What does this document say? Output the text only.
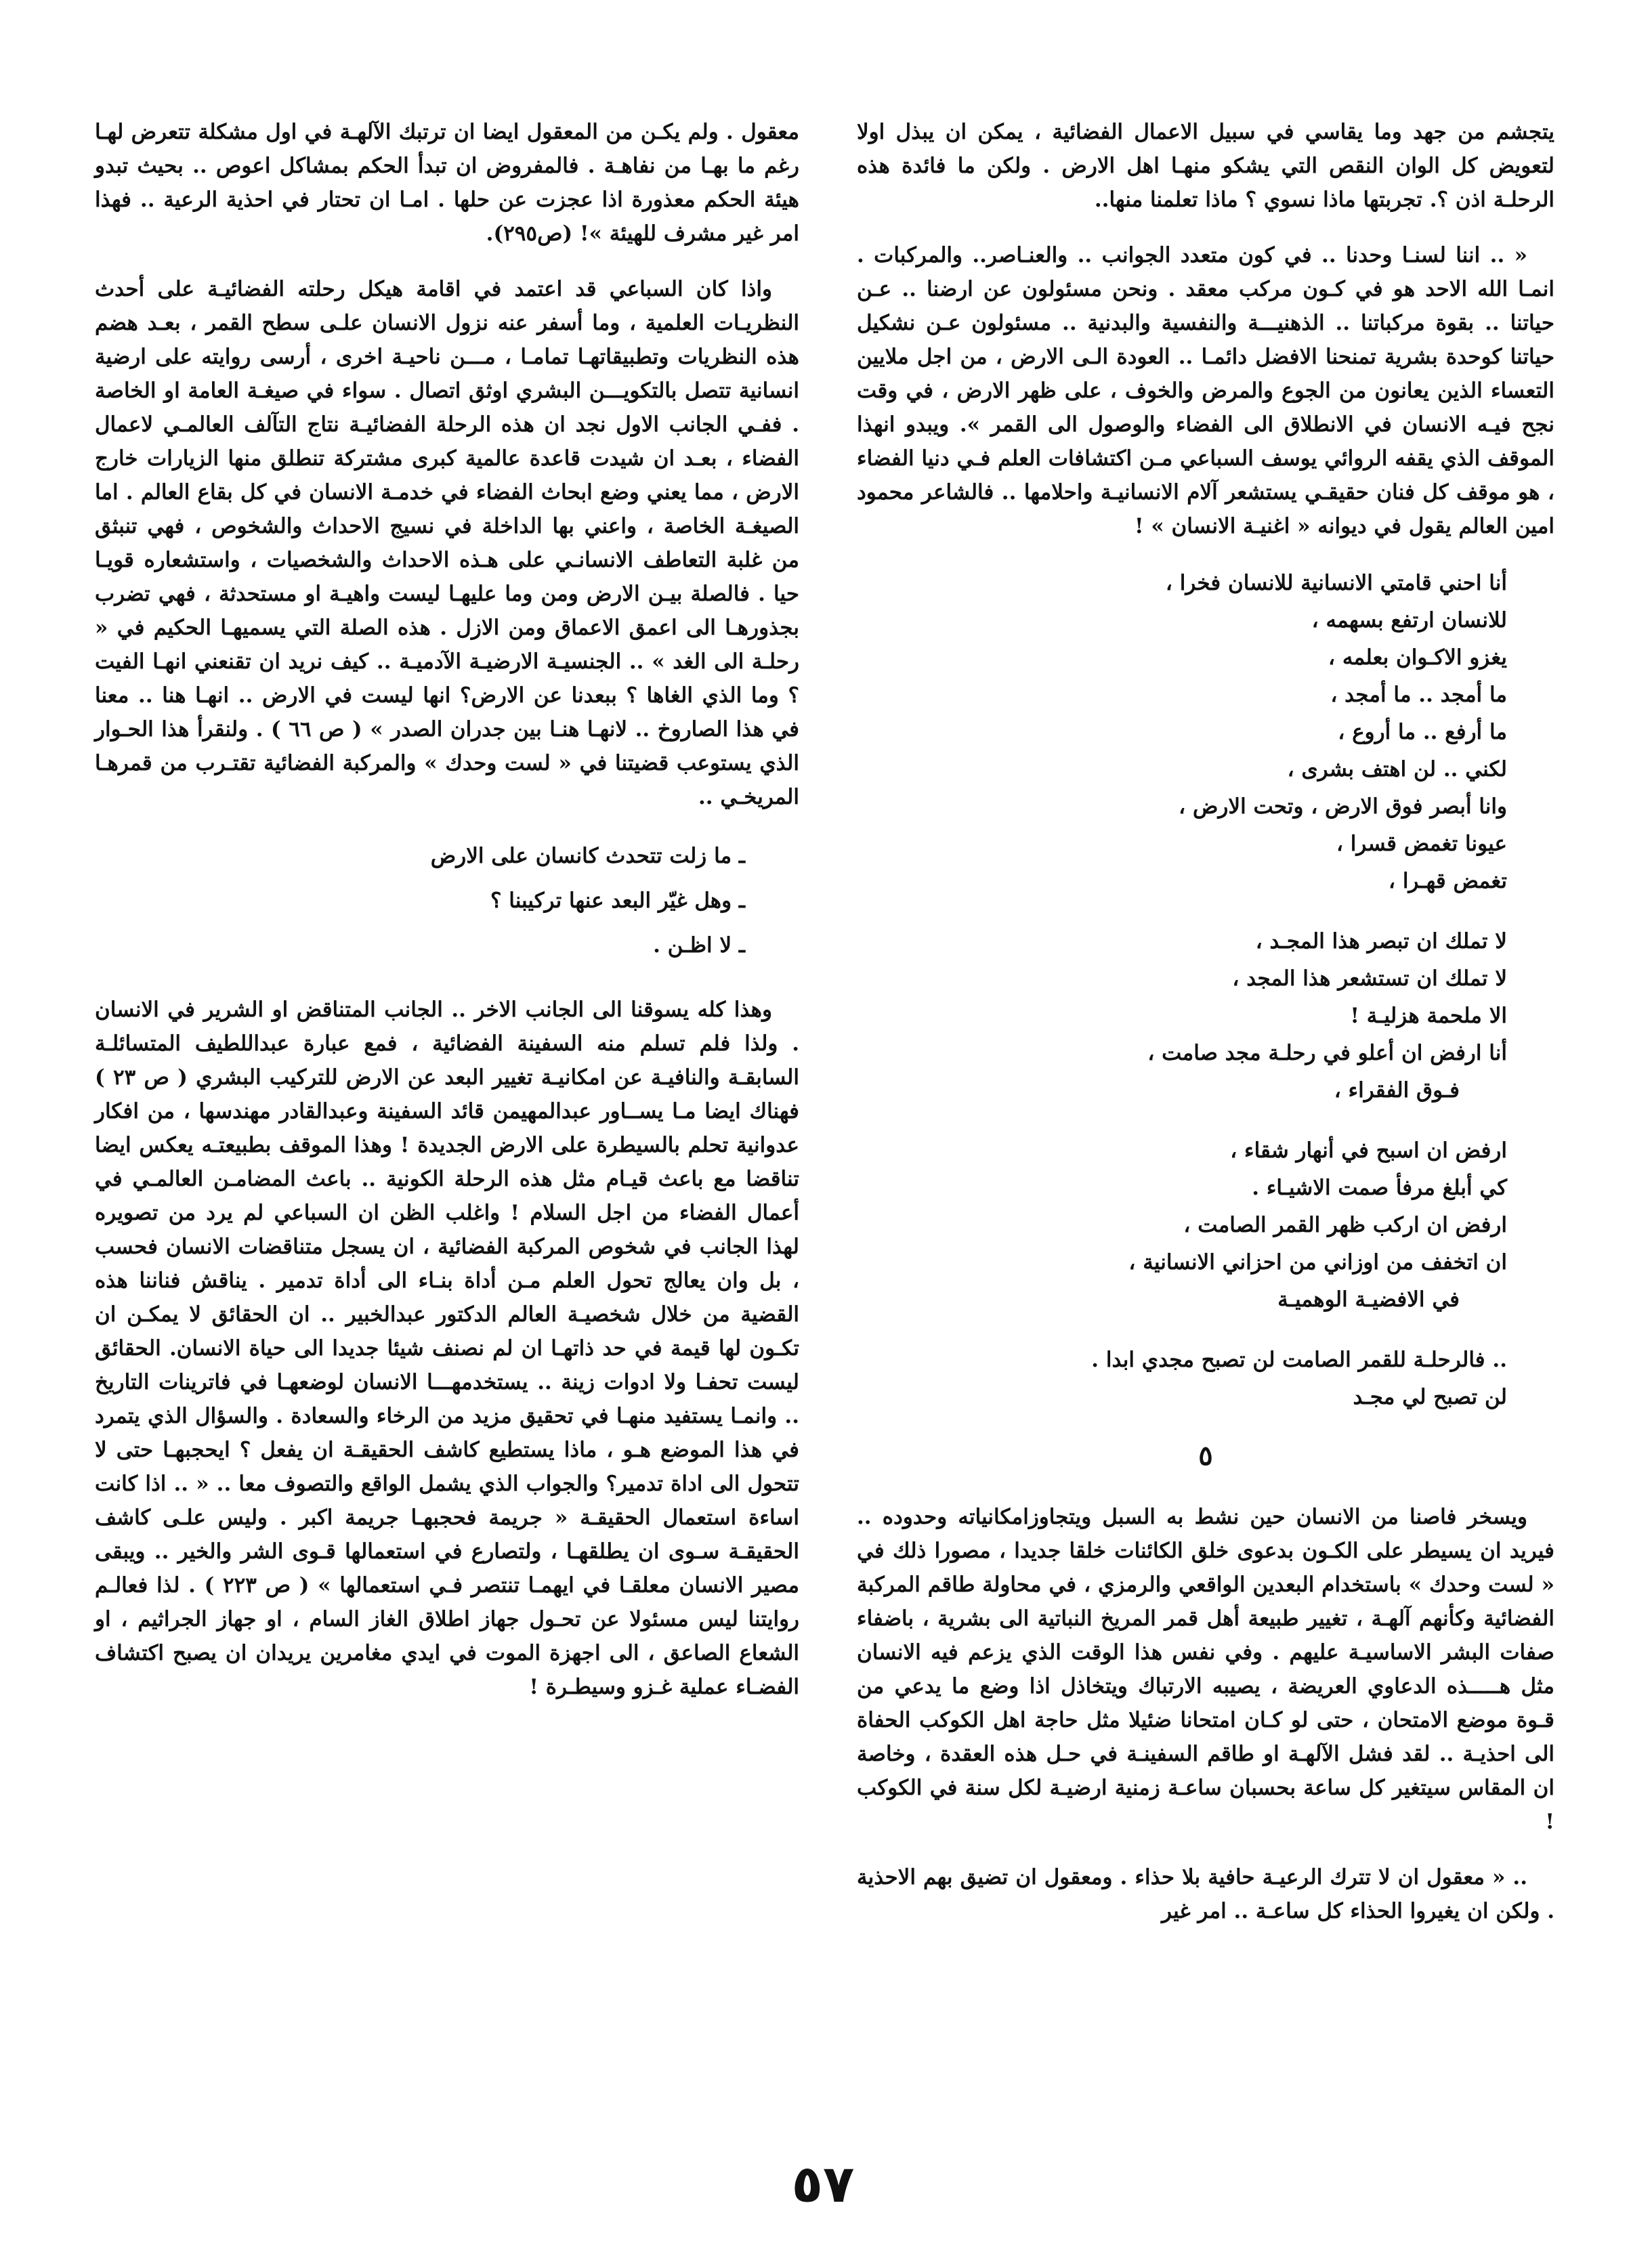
يتجشم من جهد وما يقاسي في سبيل الاعمال الفضائية ، يمكن ان يبذل اولا لتعويض كل الوان النقص التي يشكو منهـا اهل الارض . ولكن ما فائدة هذه الرحلـة اذن ؟. تجربتها ماذا نسوي ؟ ماذا تعلمنا منها..

« .. اننا لسنـا وحدنا .. في كون متعدد الجوانب .. والعنـاصر.. والمركبات . انمـا الله الاحد هو في كـون مركب معقد . ونحن مسئولون عن ارضنا .. عـن حياتنا .. بقوة مركباتنا .. الذهنيـــة والنفسية والبدنية .. مسئولون عـن نشكيل حياتنا كوحدة بشرية تمنحنا الافضل دائمـا .. العودة الـى الارض ، من اجل ملايين التعساء الذين يعانون من الجوع والمرض والخوف ، على ظهر الارض ، في وقت نجح فيـه الانسان في الانطلاق الى الفضاء والوصول الى القمر ». ويبدو انهذا الموقف الذي يقفه الروائي يوسف السباعي مـن اكتشافات العلم فـي دنيا الفضاء ، هو موقف كل فنان حقيقـي يستشعر آلام الانسانيـة واحلامها .. فالشاعر محمود امين العالم يقول في ديوانه « اغنيـة الانسان » !

أنا احني قامتي الانسانية للانسان فخرا ،
للانسان ارتفع بسهمه ،
يغزو الاكـوان بعلمه ،
ما أمجد .. ما أمجد ،
ما أرفع .. ما أروع ،
لكني .. لن اهتف بشرى ،
وانا أبصر فوق الارض ، وتحت الارض ،
عيونا تغمض قسرا ،
تغمض قهـرا ،
لا تملك ان تبصر هذا المجـد ،
لا تملك ان تستشعر هذا المجد ،
الا ملحمة هزليـة !
أنا ارفض ان أعلو في رحلـة مجد صامت ،
فـوق الفقراء ،
ارفض ان اسبح في أنهار شقاء ،
كي أبلغ مرفأ صمت الاشيـاء .
ارفض ان اركب ظهر القمر الصامت ،
ان اتخفف من اوزاني من احزاني الانسانية ،
في الافضيـة الوهميـة
.. فالرحلـة للقمر الصامت لن تصبح مجدي ابدا .
لن تصبح لي مجـد
٥

ويسخر فاصنا من الانسان حين نشط به السبل ويتجاوزامكانياته وحدوده .. فيريد ان يسيطر على الكـون بدعوى خلق الكائنات خلقا جديدا ، مصورا ذلك في « لست وحدك » باستخدام البعدين الواقعي والرمزي ، في محاولة طاقم المركبة الفضائية وكأنهم آلهـة ، تغيير طبيعة أهل قمر المريخ النباتية الى بشرية ، باضفاء صفات البشر الاساسيـة عليهم . وفي نفس هذا الوقت الذي يزعم فيه الانسان مثل هـــــذه الدعاوي العريضة ، يصيبه الارتباك ويتخاذل اذا وضع ما يدعي من قـوة موضع الامتحان ، حتى لو كـان امتحانا ضئيلا مثل حاجة اهل الكوكب الحفاة الى احذيـة .. لقد فشل الآلهـة او طاقم السفينـة في حـل هذه العقدة ، وخاصة ان المقاس سيتغير كل ساعة بحسبان ساعـة زمنية ارضيـة لكل سنة في الكوكب !

.. « معقول ان لا تترك الرعيـة حافية بلا حذاء . ومعقول ان تضيق بهم الاحذية . ولكن ان يغيروا الحذاء كل ساعـة .. امر غير

معقول . ولم يكـن من المعقول ايضا ان ترتبك الآلهـة في اول مشكلة تتعرض لهـا رغم ما بهـا من نفاهـة . فالمفروض ان تبدأ الحكم بمشاكل اعوص .. بحيث تبدو هيئة الحكم معذورة اذا عجزت عن حلها . امـا ان تحتار في احذية الرعية .. فهذا امر غير مشرف للهيئة »! (ص٢٩٥).

واذا كان السباعي قد اعتمد في اقامة هيكل رحلته الفضائيـة على أحدث النظريـات العلمية ، وما أسفر عنه نزول الانسان علـى سطح القمر ، بعـد هضم هذه النظريات وتطبيقاتهـا تمامـا ، مـــن ناحيـة اخرى ، أرسى روايته على ارضية انسانية تتصل بالتكويـــن البشري اوثق اتصال . سواء في صيغـة العامة او الخاصة . ففـي الجانب الاول نجد ان هذه الرحلة الفضائيـة نتاج التآلف العالمـي لاعمال الفضاء ، بعـد ان شيدت قاعدة عالمية كبرى مشتركة تنطلق منها الزيارات خارج الارض ، مما يعني وضع ابحاث الفضاء في خدمـة الانسان في كل بقاع العالم . اما الصيغـة الخاصة ، واعني بها الداخلة في نسيج الاحداث والشخوص ، فهي تنبثق من غلبة التعاطف الانسانـي على هـذه الاحداث والشخصيات ، واستشعاره قويـا حيا . فالصلة بيـن الارض ومن وما عليهـا ليست واهيـة او مستحدثة ، فهي تضرب بجذورهـا الى اعمق الاعماق ومن الازل . هذه الصلة التي يسميهـا الحكيم في « رحلـة الى الغد » .. الجنسيـة الارضيـة الآدميـة .. كيف نريد ان تقنعني انهـا الفيت ؟ وما الذي الغاها ؟ ببعدنا عن الارض؟ انها ليست في الارض .. انهـا هنا .. معنا في هذا الصاروخ .. لانهـا هنـا بين جدران الصدر » ( ص ٦٦ ) . ولنقرأ هذا الحـوار الذي يستوعب قضيتنا في « لست وحدك » والمركبة الفضائية تقتـرب من قمرهـا المريخـي ..

ـ ما زلت تتحدث كانسان على الارض
ـ وهل غيّر البعد عنها تركيبنا ؟
ـ لا اظـن .

وهذا كله يسوقنا الى الجانب الاخر .. الجانب المتناقض او الشرير في الانسان . ولذا فلم تسلم منه السفينة الفضائية ، فمع عبارة عبداللطيف المتسائلـة السابقـة والنافيـة عن امكانيـة تغيير البعد عن الارض للتركيب البشري ( ص ٢٣ ) فهناك ايضا مـا يســاور عبدالمهيمن قائد السفينة وعبدالقادر مهندسها ، من افكار عدوانية تحلم بالسيطرة على الارض الجديدة ! وهذا الموقف بطبيعتـه يعكس ايضا تناقضا مع باعث قيـام مثل هذه الرحلة الكونية .. باعث المضامـن العالمـي في أعمال الفضاء من اجل السلام ! واغلب الظن ان السباعي لم يرد من تصويره لهذا الجانب في شخوص المركبة الفضائية ، ان يسجل متناقضات الانسان فحسب ، بل وان يعالج تحول العلم مـن أداة بنـاء الى أداة تدمير . يناقش فناننا هذه القضية من خلال شخصيـة العالم الدكتور عبدالخبير .. ان الحقائق لا يمكـن ان تكـون لها قيمة في حد ذاتهـا ان لم نصنف شيئا جديدا الى حياة الانسان. الحقائق ليست تحفـا ولا ادوات زينة .. يستخدمهـــا الانسان لوضعهـا في فاترينات التاريخ .. وانمـا يستفيد منهـا في تحقيق مزيد من الرخاء والسعادة . والسؤال الذي يتمرد في هذا الموضع هـو ، ماذا يستطيع كاشف الحقيقـة ان يفعل ؟ ايحجبهـا حتى لا تتحول الى اداة تدمير؟ والجواب الذي يشمل الواقع والتصوف معا .. « .. اذا كانت اساءة استعمال الحقيقـة « جريمة فحجبهـا جريمة اكبر . وليس علـى كاشف الحقيقـة سـوى ان يطلقهـا ، ولتصارع في استعمالها قـوى الشر والخير .. ويبقى مصير الانسان معلقـا في ايهمـا تنتصر فـي استعمالها » ( ص ٢٢٣ ) . لذا فعالـم روايتنا ليس مسئولا عن تحـول جهاز اطلاق الغاز السام ، او جهاز الجراثيم ، او الشعاع الصاعق ، الى اجهزة الموت في ايدي مغامرين يريدان ان يصبح اكتشاف الفضـاء عملية غـزو وسيطـرة !

٥٧
